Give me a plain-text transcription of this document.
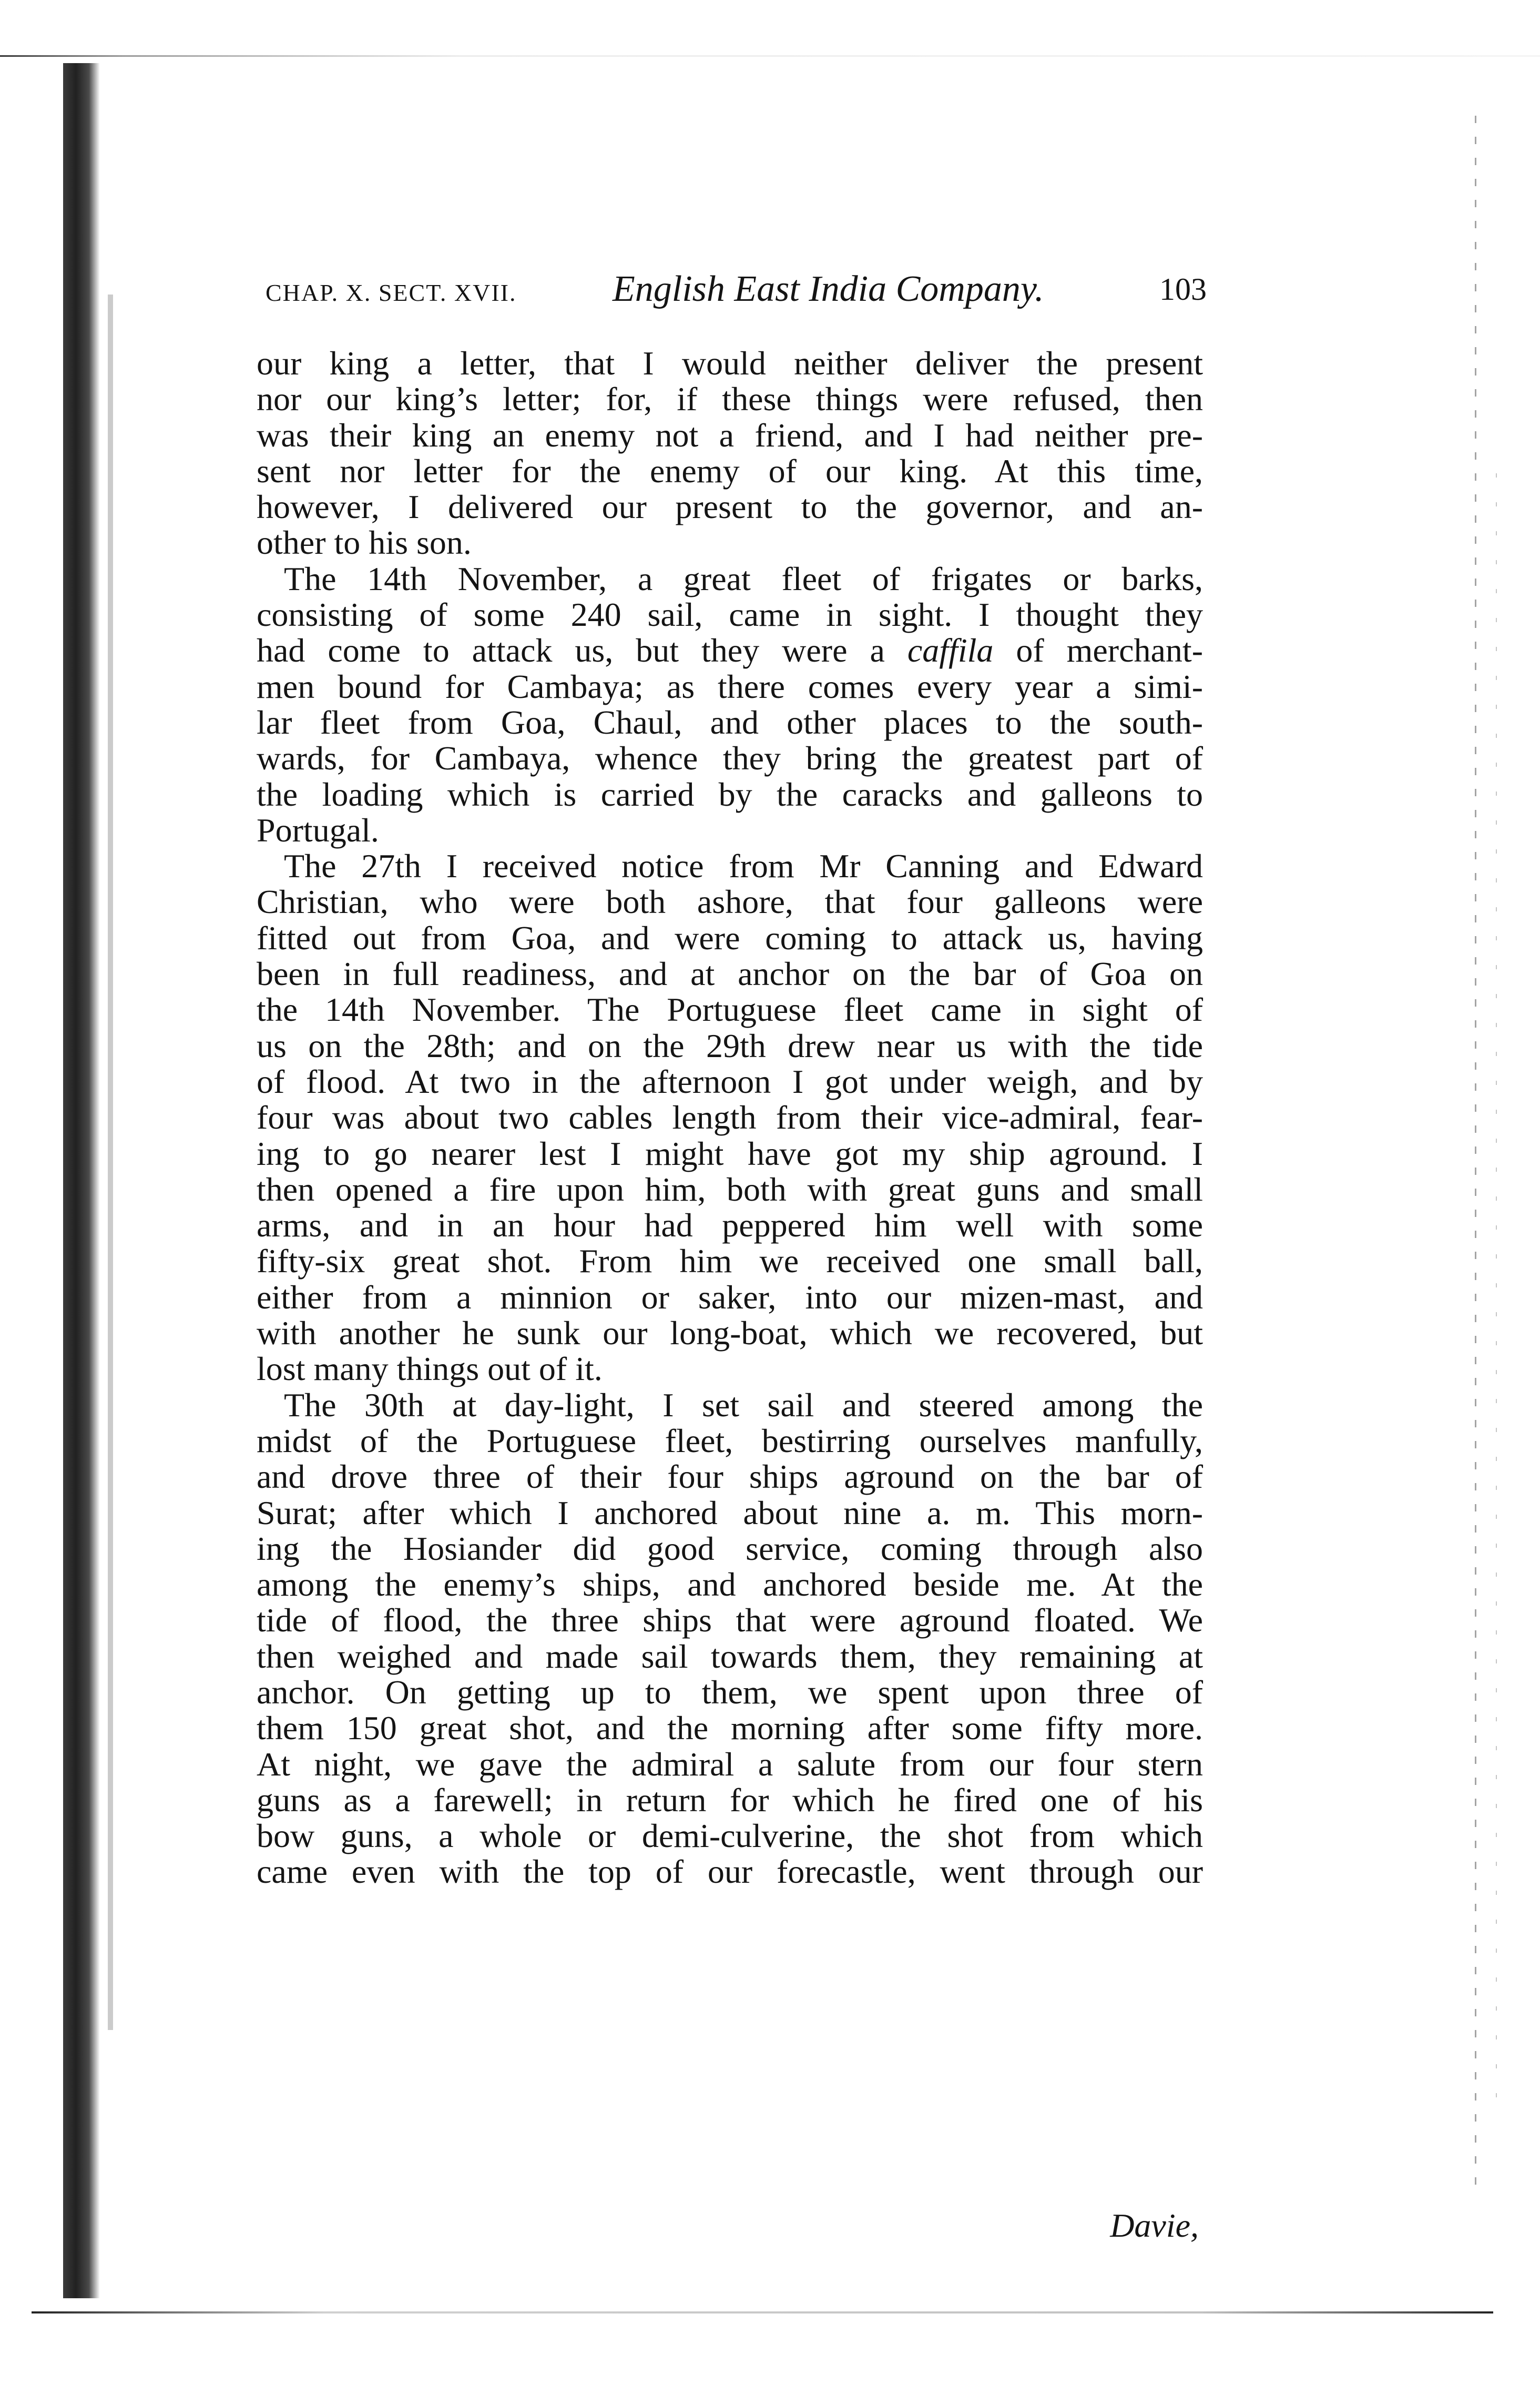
CHAP. X. SECT. XVII.	English East India Company.	103
our king a letter, that I would neither deliver the present
nor our king’s letter; for, if these things were refused, then
was their king an enemy not a friend, and I had neither pre-
sent nor letter for the enemy of our king. At this time,
however, I delivered our present to the governor, and an-
other to his son.
The 14th November, a great fleet of frigates or barks,
consisting of some 240 sail, came in sight. I thought they
had come to attack us, but they were a caffila of merchant-
men bound for Cambaya; as there comes every year a simi-
lar fleet from Goa, Chaul, and other places to the south-
wards, for Cambaya, whence they bring the greatest part of
the loading which is carried by the caracks and galleons to
Portugal.
The 27th I received notice from Mr Canning and Edward
Christian, who were both ashore, that four galleons were
fitted out from Goa, and were coming to attack us, having
been in full readiness, and at anchor on the bar of Goa on
the 14th November. The Portuguese fleet came in sight of
us on the 28th; and on the 29th drew near us with the tide
of flood. At two in the afternoon I got under weigh, and by
four was about two cables length from their vice-admiral, fear-
ing to go nearer lest I might have got my ship aground. I
then opened a fire upon him, both with great guns and small
arms, and in an hour had peppered him well with some
fifty-six great shot. From him we received one small ball,
either from a minnion or saker, into our mizen-mast, and
with another he sunk our long-boat, which we recovered, but
lost many things out of it.
The 30th at day-light, I set sail and steered among the
midst of the Portuguese fleet, bestirring ourselves manfully,
and drove three of their four ships aground on the bar of
Surat; after which I anchored about nine a. m. This morn-
ing the Hosiander did good service, coming through also
among the enemy’s ships, and anchored beside me. At the
tide of flood, the three ships that were aground floated. We
then weighed and made sail towards them, they remaining at
anchor. On getting up to them, we spent upon three of
them 150 great shot, and the morning after some fifty more.
At night, we gave the admiral a salute from our four stern
guns as a farewell; in return for which he fired one of his
bow guns, a whole or demi-culverine, the shot from which
came even with the top of our forecastle, went through our
Davie,
